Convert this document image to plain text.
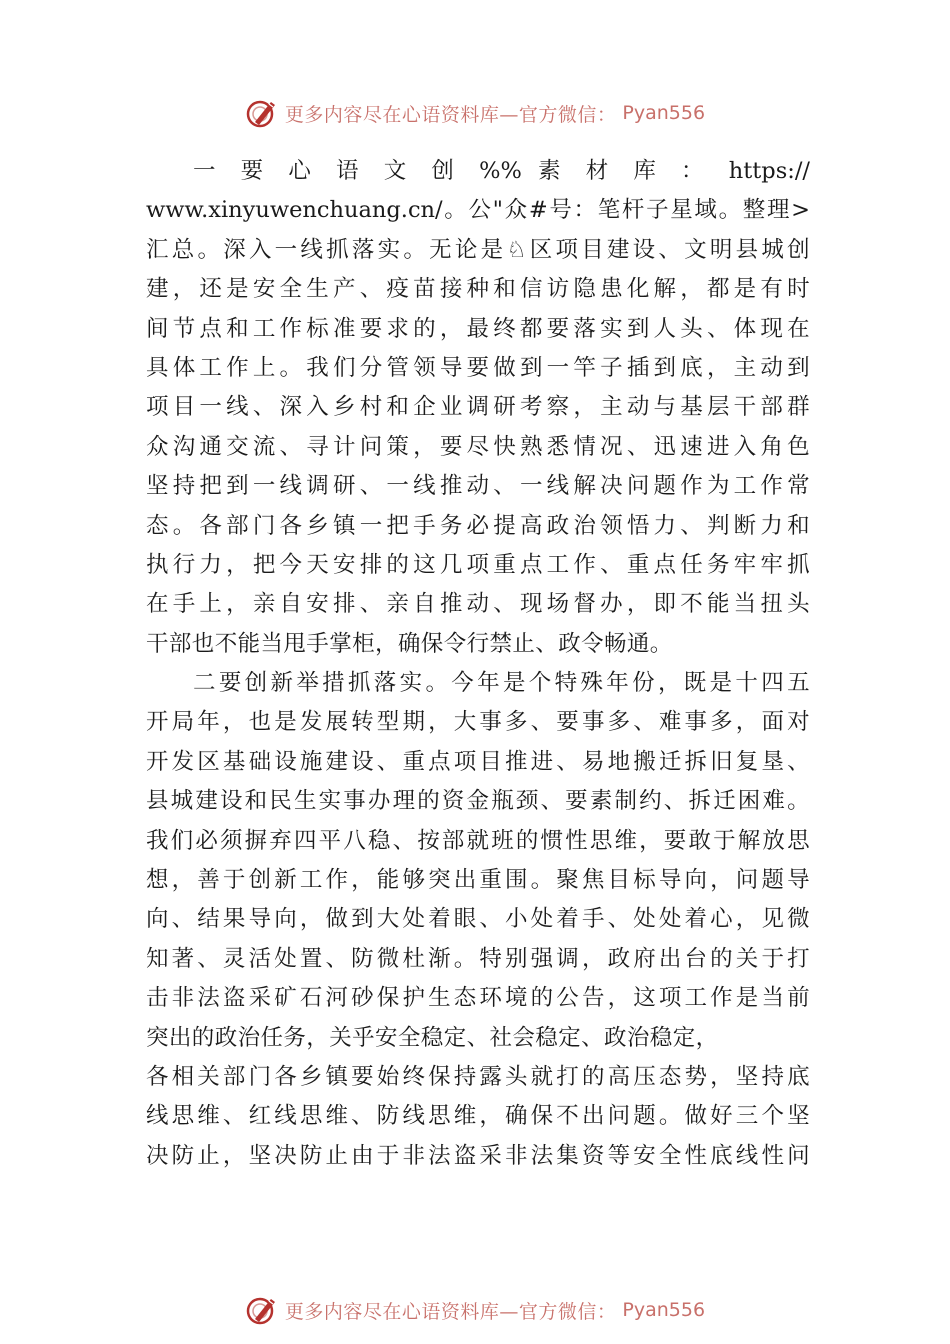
更多内容尽在心语资料库—官方微信： Pyan556
一 要 心 语 文 创 %% 素 材 库 ： https://
www.xinyuwenchuang.cn/。公"众#号：笔杆子星域。整理>
汇总。深入一线抓落实。无论是♘区项目建设、文明县城创
建，还是安全生产、疫苗接种和信访隐患化解，都是有时
间节点和工作标准要求的，最终都要落实到人头、体现在
具体工作上。我们分管领导要做到一竿子插到底，主动到
项目一线、深入乡村和企业调研考察，主动与基层干部群
众沟通交流、寻计问策，要尽快熟悉情况、迅速进入角色
坚持把到一线调研、一线推动、一线解决问题作为工作常
态。各部门各乡镇一把手务必提高政治领悟力、判断力和
执行力，把今天安排的这几项重点工作、重点任务牢牢抓
在手上，亲自安排、亲自推动、现场督办，即不能当扭头
干部也不能当甩手掌柜，确保令行禁止、政令畅通。
二要创新举措抓落实。今年是个特殊年份，既是十四五
开局年，也是发展转型期，大事多、要事多、难事多，面对
开发区基础设施建设、重点项目推进、易地搬迁拆旧复垦、
县城建设和民生实事办理的资金瓶颈、要素制约、拆迁困难。
我们必须摒弃四平八稳、按部就班的惯性思维，要敢于解放思
想，善于创新工作，能够突出重围。聚焦目标导向，问题导
向、结果导向，做到大处着眼、小处着手、处处着心，见微
知著、灵活处置、防微杜渐。特别强调，政府出台的关于打
击非法盗采矿石河砂保护生态环境的公告，这项工作是当前
突出的政治任务，关乎安全稳定、社会稳定、政治稳定，
各相关部门各乡镇要始终保持露头就打的高压态势，坚持底
线思维、红线思维、防线思维，确保不出问题。做好三个坚
决防止，坚决防止由于非法盗采非法集资等安全性底线性问
更多内容尽在心语资料库—官方微信： Pyan556
